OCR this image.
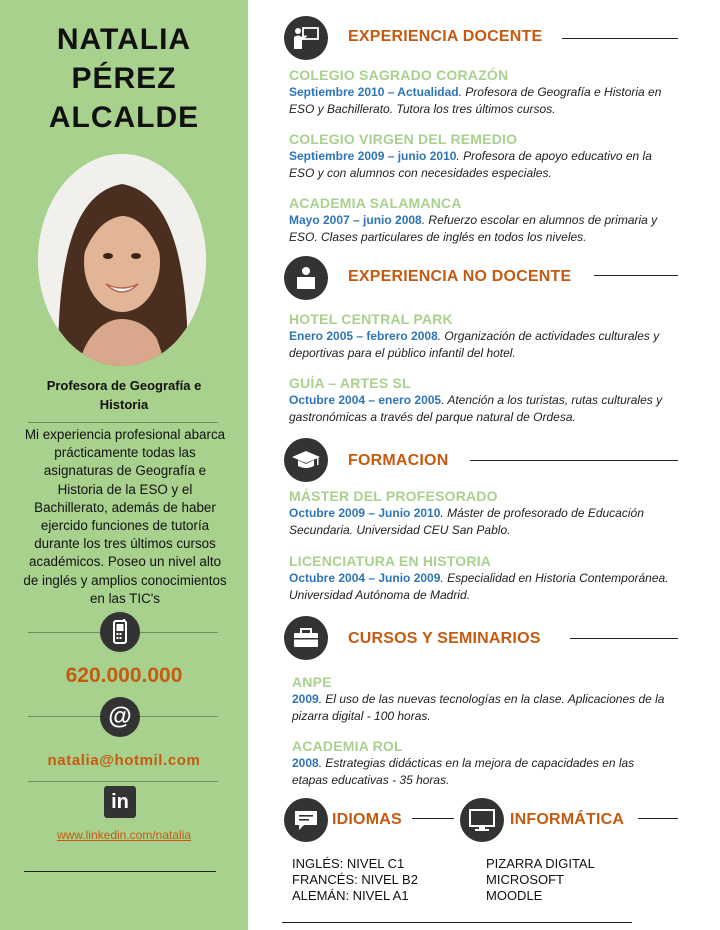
NATALIA
PÉREZ
ALCALDE
Profesora de Geografía e
Historia
Mi experiencia profesional abarca prácticamente todas las asignaturas de Geografía e Historia de la ESO y el Bachillerato, además de haber ejercido funciones de tutoría durante los tres últimos cursos académicos. Poseo un nivel alto de inglés y amplios conocimientos en las TIC's
620.000.000
@
natalia@hotmil.com
in
www.linkedin.com/natalia
EXPERIENCIA DOCENTE
COLEGIO SAGRADO CORAZÓN
Septiembre 2010 – Actualidad. Profesora de Geografía e Historia en ESO y Bachillerato. Tutora los tres últimos cursos.
COLEGIO VIRGEN DEL REMEDIO
Septiembre 2009 – junio 2010. Profesora de apoyo educativo en la ESO y con alumnos con necesidades especiales.
ACADEMIA SALAMANCA
Mayo 2007 – junio 2008. Refuerzo escolar en alumnos de primaria y ESO. Clases particulares de inglés en todos los niveles.
EXPERIENCIA NO DOCENTE
HOTEL CENTRAL PARK
Enero 2005 – febrero 2008. Organización de actividades culturales y deportivas para el público infantil del hotel.
GUÍA – ARTES SL
Octubre 2004 – enero 2005. Atención a los turistas, rutas culturales y gastronómicas a través del parque natural de Ordesa.
FORMACION
MÁSTER DEL PROFESORADO
Octubre 2009 – Junio 2010. Máster de profesorado de Educación Secundaria. Universidad CEU San Pablo.
LICENCIATURA EN HISTORIA
Octubre 2004 – Junio 2009. Especialidad en Historia Contemporánea. Universidad Autónoma de Madrid.
CURSOS Y SEMINARIOS
ANPE
2009. El uso de las nuevas tecnologías en la clase. Aplicaciones de la pizarra digital - 100 horas.
ACADEMIA ROL
2008. Estrategias didácticas en la mejora de capacidades en las etapas educativas - 35 horas.
IDIOMAS	INFORMÁTICA
INGLÉS: NIVEL C1
FRANCÉS: NIVEL B2
ALEMÁN: NIVEL A1
PIZARRA DIGITAL
MICROSOFT
MOODLE
